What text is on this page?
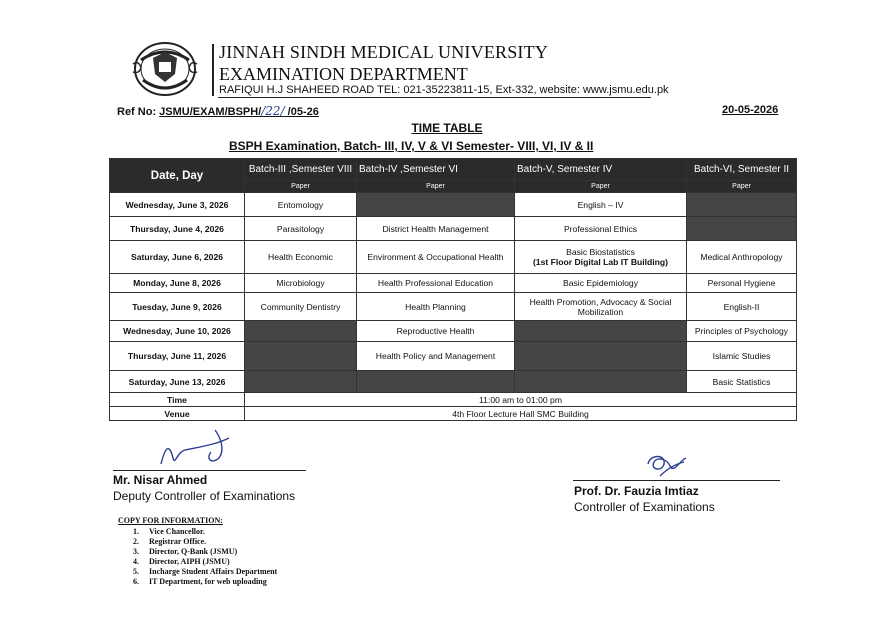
JINNAH SINDH MEDICAL UNIVERSITY
EXAMINATION DEPARTMENT
RAFIQUI H.J SHAHEED ROAD TEL: 021-35223811-15, Ext-332, website: www.jsmu.edu.pk
Ref No: JSMU/EXAM/BSPH//22/ /05-26	20-05-2026
TIME TABLE
BSPH Examination, Batch- III, IV, V & VI Semester- VIII, VI, IV & II
Date, Day	Batch-III ,Semester VIII	Batch-IV ,Semester VI	Batch-V, Semester IV	Batch-VI, Semester II
	Paper	Paper	Paper	Paper
Wednesday, June 3, 2026	Entomology		English – IV	
Thursday, June 4, 2026	Parasitology	District Health Management	Professional Ethics	
Saturday, June 6, 2026	Health Economic	Environment & Occupational Health	Basic Biostatistics
(1st Floor Digital Lab IT Building)	Medical Anthropology
Monday, June 8, 2026	Microbiology	Health Professional Education	Basic Epidemiology	Personal Hygiene
Tuesday, June 9, 2026	Community Dentistry	Health Planning	Health Promotion, Advocacy & Social Mobilization	English-II
Wednesday, June 10, 2026		Reproductive Health		Principles of Psychology
Thursday, June 11, 2026		Health Policy and Management		Islamic Studies
Saturday, June 13, 2026				Basic Statistics
Time	11:00 am to 01:00 pm			
Venue	4th Floor Lecture Hall SMC Building			
Mr. Nisar Ahmed
Deputy Controller of Examinations	Prof. Dr. Fauzia Imtiaz
Controller of Examinations
COPY FOR INFORMATION:
1.	Vice Chancellor.
2.	Registrar Office.
3.	Director, Q-Bank (JSMU)
4.	Director, AIPH (JSMU)
5.	Incharge Student Affairs Department
6.	IT Department, for web uploading
